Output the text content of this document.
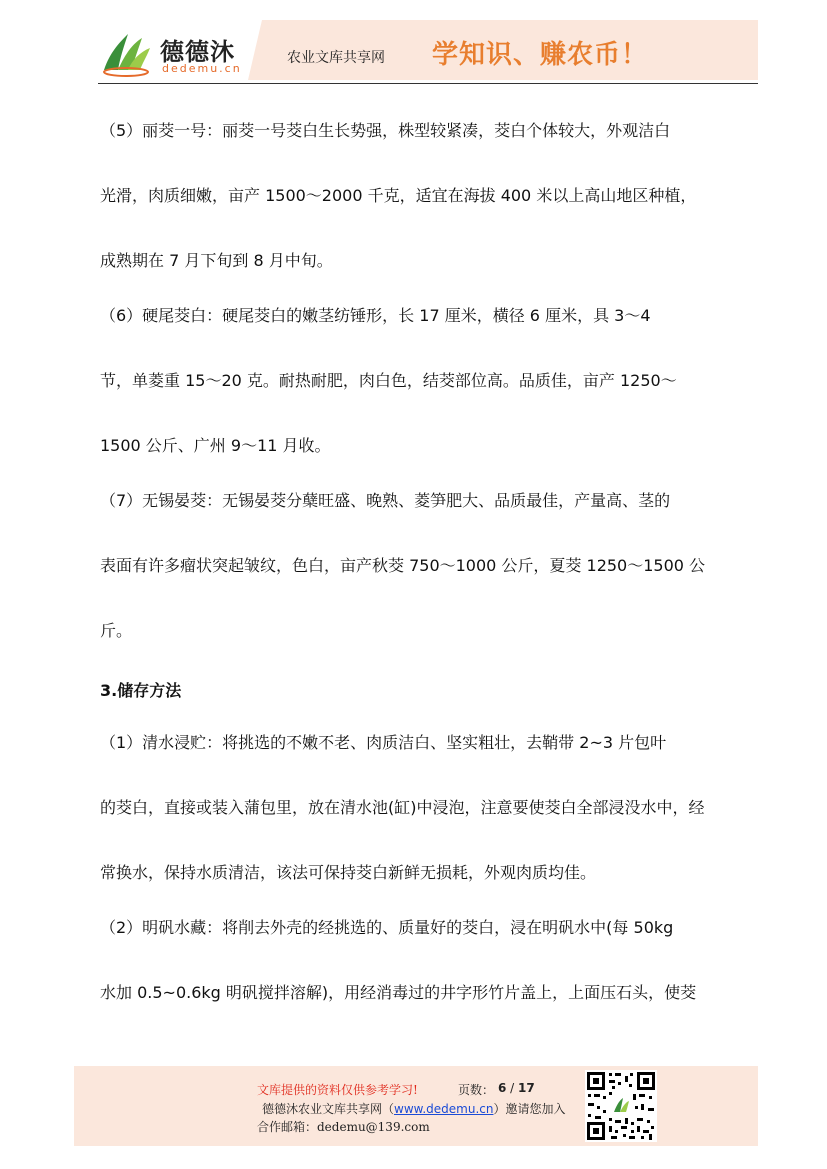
德德沐
dedemu.cn
农业文库共享网 学知识、赚农币！
（5）丽茭一号：丽茭一号茭白生长势强，株型较紧凑，茭白个体较大，外观洁白
光滑，肉质细嫩，亩产 1500～2000 千克，适宜在海拔 400 米以上高山地区种植，
成熟期在 7 月下旬到 8 月中旬。
（6）硬尾茭白：硬尾茭白的嫩茎纺锤形，长 17 厘米，横径 6 厘米，具 3～4
节，单菱重 15～20 克。耐热耐肥，肉白色，结茭部位高。品质佳，亩产 1250～
1500 公斤、广州 9～11 月收。
（7）无锡晏茭：无锡晏茭分蘖旺盛、晚熟、菱笋肥大、品质最佳，产量高、茎的
表面有许多瘤状突起皱纹，色白，亩产秋茭 750～1000 公斤，夏茭 1250～1500 公
斤。
3.储存方法
（1）清水浸贮：将挑选的不嫩不老、肉质洁白、坚实粗壮，去鞘带 2~3 片包叶
的茭白，直接或装入蒲包里，放在清水池(缸)中浸泡，注意要使茭白全部浸没水中，经
常换水，保持水质清洁，该法可保持茭白新鲜无损耗，外观肉质均佳。
（2）明矾水藏：将削去外壳的经挑选的、质量好的茭白，浸在明矾水中(每 50kg
水加 0.5~0.6kg 明矾搅拌溶解)，用经消毒过的井字形竹片盖上，上面压石头，使茭
文库提供的资料仅供参考学习!	页数： 6 / 17
德德沐农业文库共享网（www.dedemu.cn）邀请您加入
合作邮箱：dedemu@139.com
